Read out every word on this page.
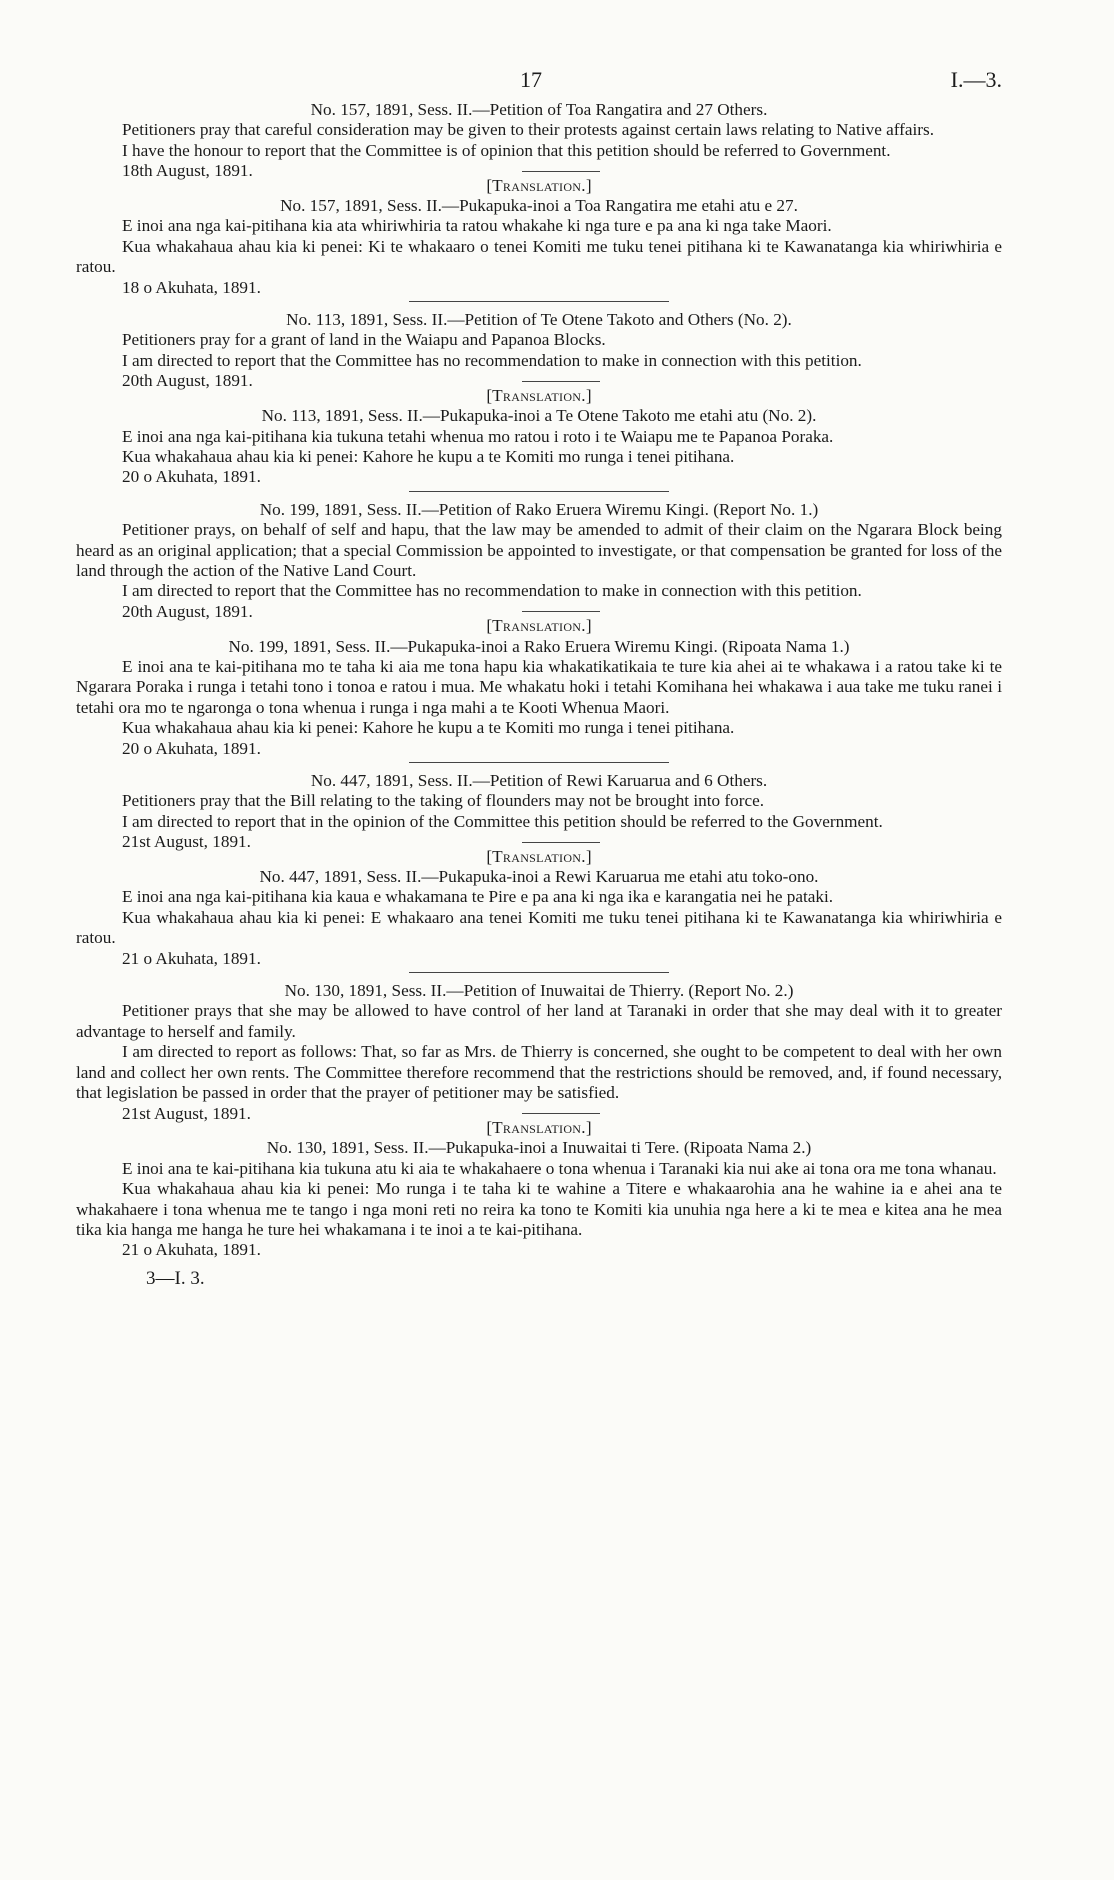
17	I.—3.

No. 157, 1891, Sess. II.—Petition of Toa Rangatira and 27 Others.

Petitioners pray that careful consideration may be given to their protests against certain laws relating to Native affairs.

I have the honour to report that the Committee is of opinion that this petition should be referred to Government.

18th August, 1891.

[Translation.]

No. 157, 1891, Sess. II.—Pukapuka-inoi a Toa Rangatira me etahi atu e 27.

E inoi ana nga kai-pitihana kia ata whiriwhiria ta ratou whakahe ki nga ture e pa ana ki nga take Maori.

Kua whakahaua ahau kia ki penei: Ki te whakaaro o tenei Komiti me tuku tenei pitihana ki te Kawanatanga kia whiriwhiria e ratou.

18 o Akuhata, 1891.

No. 113, 1891, Sess. II.—Petition of Te Otene Takoto and Others (No. 2).

Petitioners pray for a grant of land in the Waiapu and Papanoa Blocks.

I am directed to report that the Committee has no recommendation to make in connection with this petition.

20th August, 1891.

[Translation.]

No. 113, 1891, Sess. II.—Pukapuka-inoi a Te Otene Takoto me etahi atu (No. 2).

E inoi ana nga kai-pitihana kia tukuna tetahi whenua mo ratou i roto i te Waiapu me te Papanoa Poraka.

Kua whakahaua ahau kia ki penei: Kahore he kupu a te Komiti mo runga i tenei pitihana.

20 o Akuhata, 1891.

No. 199, 1891, Sess. II.—Petition of Rako Eruera Wiremu Kingi. (Report No. 1.)

Petitioner prays, on behalf of self and hapu, that the law may be amended to admit of their claim on the Ngarara Block being heard as an original application; that a special Commission be appointed to investigate, or that compensation be granted for loss of the land through the action of the Native Land Court.

I am directed to report that the Committee has no recommendation to make in connection with this petition.

20th August, 1891.

[Translation.]

No. 199, 1891, Sess. II.—Pukapuka-inoi a Rako Eruera Wiremu Kingi. (Ripoata Nama 1.)

E inoi ana te kai-pitihana mo te taha ki aia me tona hapu kia whakatikatikaia te ture kia ahei ai te whakawa i a ratou take ki te Ngarara Poraka i runga i tetahi tono i tonoa e ratou i mua. Me whakatu hoki i tetahi Komihana hei whakawa i aua take me tuku ranei i tetahi ora mo te ngaronga o tona whenua i runga i nga mahi a te Kooti Whenua Maori.

Kua whakahaua ahau kia ki penei: Kahore he kupu a te Komiti mo runga i tenei pitihana.

20 o Akuhata, 1891.

No. 447, 1891, Sess. II.—Petition of Rewi Karuarua and 6 Others.

Petitioners pray that the Bill relating to the taking of flounders may not be brought into force.

I am directed to report that in the opinion of the Committee this petition should be referred to the Government.

21st August, 1891.

[Translation.]

No. 447, 1891, Sess. II.—Pukapuka-inoi a Rewi Karuarua me etahi atu toko-ono.

E inoi ana nga kai-pitihana kia kaua e whakamana te Pire e pa ana ki nga ika e karangatia nei he pataki.

Kua whakahaua ahau kia ki penei: E whakaaro ana tenei Komiti me tuku tenei pitihana ki te Kawanatanga kia whiriwhiria e ratou.

21 o Akuhata, 1891.

No. 130, 1891, Sess. II.—Petition of Inuwaitai de Thierry. (Report No. 2.)

Petitioner prays that she may be allowed to have control of her land at Taranaki in order that she may deal with it to greater advantage to herself and family.

I am directed to report as follows: That, so far as Mrs. de Thierry is concerned, she ought to be competent to deal with her own land and collect her own rents. The Committee therefore recommend that the restrictions should be removed, and, if found necessary, that legislation be passed in order that the prayer of petitioner may be satisfied.

21st August, 1891.

[Translation.]

No. 130, 1891, Sess. II.—Pukapuka-inoi a Inuwaitai ti Tere. (Ripoata Nama 2.)

E inoi ana te kai-pitihana kia tukuna atu ki aia te whakahaere o tona whenua i Taranaki kia nui ake ai tona ora me tona whanau.

Kua whakahaua ahau kia ki penei: Mo runga i te taha ki te wahine a Titere e whakaarohia ana he wahine ia e ahei ana te whakahaere i tona whenua me te tango i nga moni reti no reira ka tono te Komiti kia unuhia nga here a ki te mea e kitea ana he mea tika kia hanga me hanga he ture hei whakamana i te inoi a te kai-pitihana.

21 o Akuhata, 1891.

3—I. 3.
